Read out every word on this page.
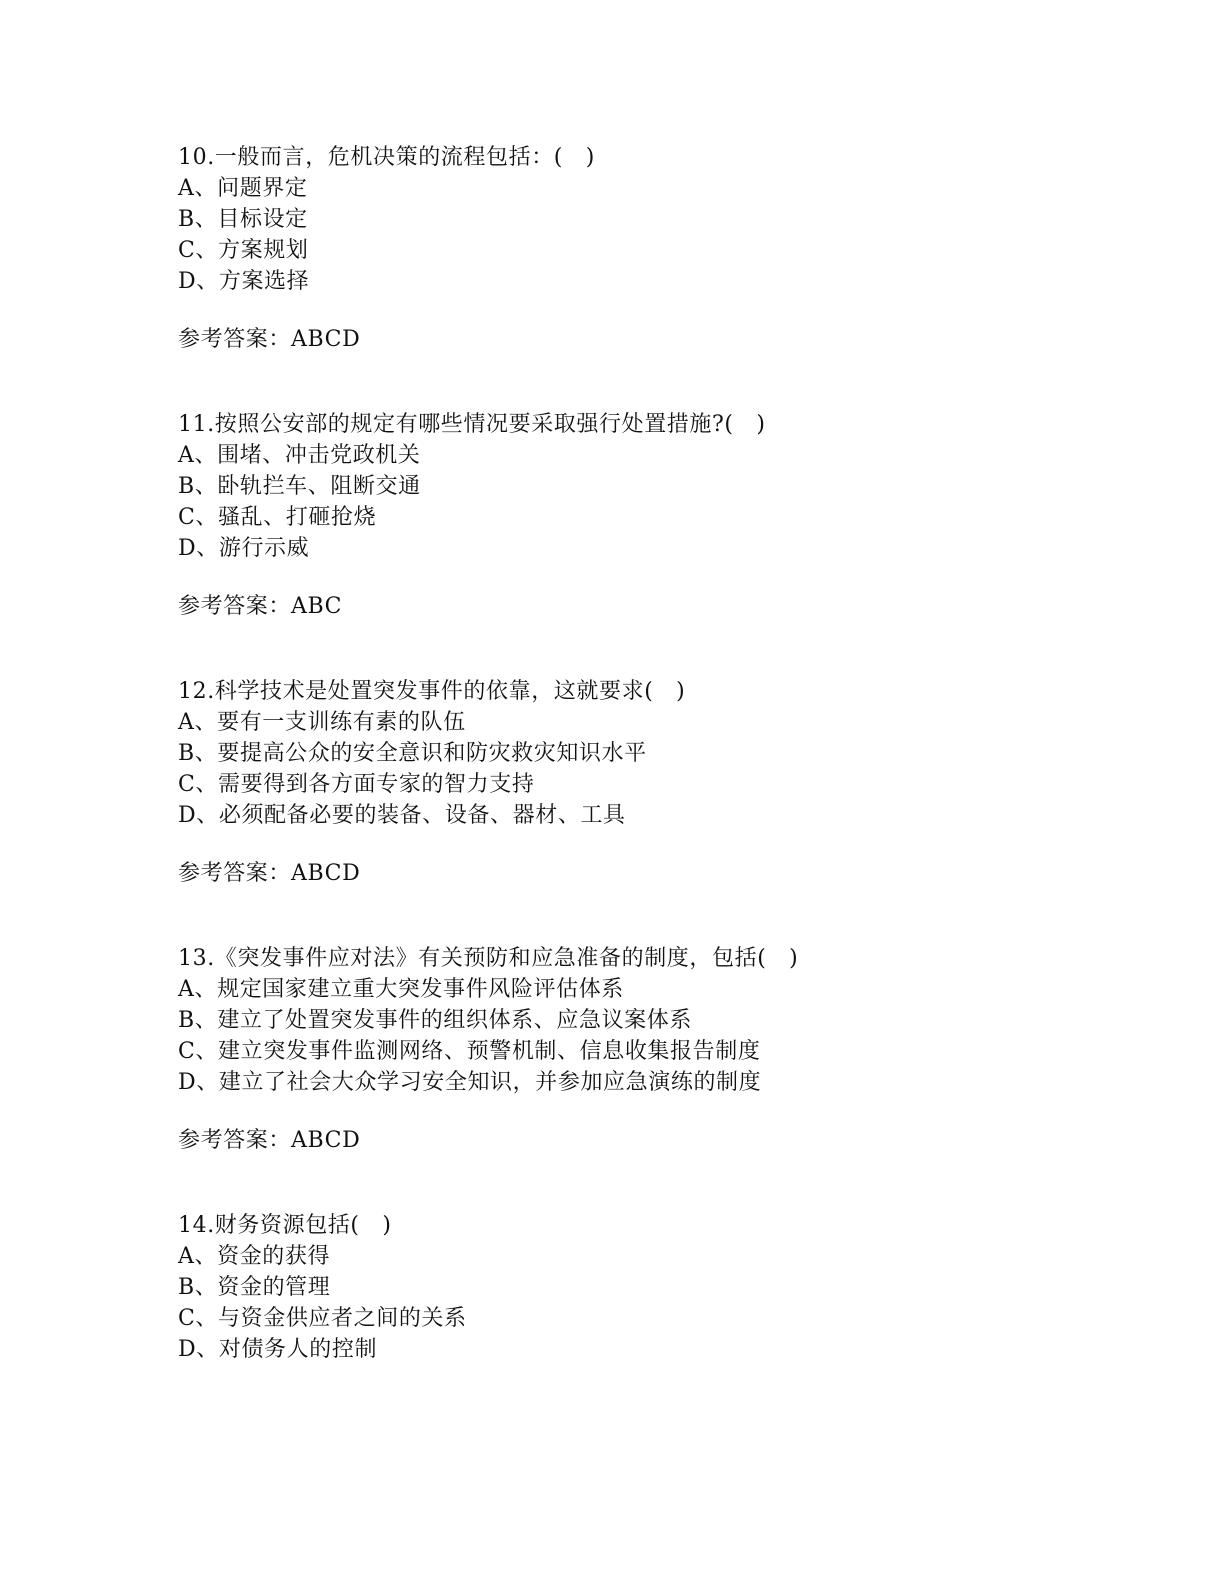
10.一般而言，危机决策的流程包括：(   )
A、问题界定
B、目标设定
C、方案规划
D、方案选择
参考答案：ABCD
11.按照公安部的规定有哪些情况要采取强行处置措施?(   )
A、围堵、冲击党政机关
B、卧轨拦车、阻断交通
C、骚乱、打砸抢烧
D、游行示威
参考答案：ABC
12.科学技术是处置突发事件的依靠，这就要求(   )
A、要有一支训练有素的队伍
B、要提高公众的安全意识和防灾救灾知识水平
C、需要得到各方面专家的智力支持
D、必须配备必要的装备、设备、器材、工具
参考答案：ABCD
13.《突发事件应对法》有关预防和应急准备的制度，包括(   )
A、规定国家建立重大突发事件风险评估体系
B、建立了处置突发事件的组织体系、应急议案体系
C、建立突发事件监测网络、预警机制、信息收集报告制度
D、建立了社会大众学习安全知识，并参加应急演练的制度
参考答案：ABCD
14.财务资源包括(   )
A、资金的获得
B、资金的管理
C、与资金供应者之间的关系
D、对债务人的控制
